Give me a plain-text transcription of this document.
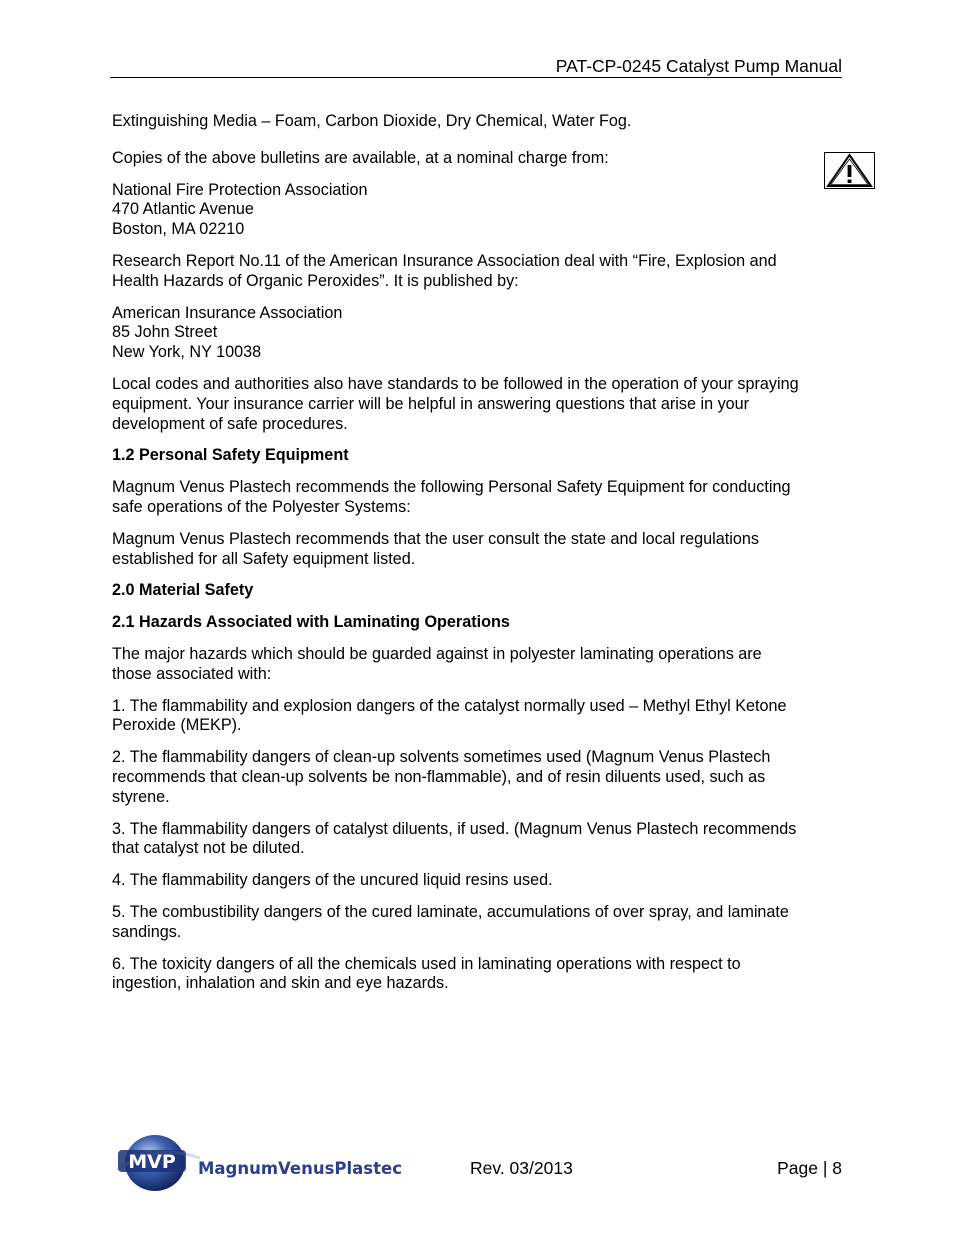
PAT-CP-0245 Catalyst Pump Manual

Extinguishing Media – Foam, Carbon Dioxide, Dry Chemical, Water Fog.

Copies of the above bulletins are available, at a nominal charge from:

National Fire Protection Association
470 Atlantic Avenue
Boston, MA 02210

Research Report No.11 of the American Insurance Association deal with “Fire, Explosion and
Health Hazards of Organic Peroxides”. It is published by:

American Insurance Association
85 John Street
New York, NY 10038

Local codes and authorities also have standards to be followed in the operation of your spraying
equipment. Your insurance carrier will be helpful in answering questions that arise in your
development of safe procedures.

1.2 Personal Safety Equipment

Magnum Venus Plastech recommends the following Personal Safety Equipment for conducting
safe operations of the Polyester Systems:

Magnum Venus Plastech recommends that the user consult the state and local regulations
established for all Safety equipment listed.

2.0 Material Safety

2.1 Hazards Associated with Laminating Operations

The major hazards which should be guarded against in polyester laminating operations are
those associated with:

1. The flammability and explosion dangers of the catalyst normally used – Methyl Ethyl Ketone
Peroxide (MEKP).

2. The flammability dangers of clean-up solvents sometimes used (Magnum Venus Plastech
recommends that clean-up solvents be non-flammable), and of resin diluents used, such as
styrene.

3. The flammability dangers of catalyst diluents, if used. (Magnum Venus Plastech recommends
that catalyst not be diluted.

4. The flammability dangers of the uncured liquid resins used.

5. The combustibility dangers of the cured laminate, accumulations of over spray, and laminate
sandings.

6. The toxicity dangers of all the chemicals used in laminating operations with respect to
ingestion, inhalation and skin and eye hazards.

MVP MagnumVenusPlastech	Rev. 03/2013	Page | 8
